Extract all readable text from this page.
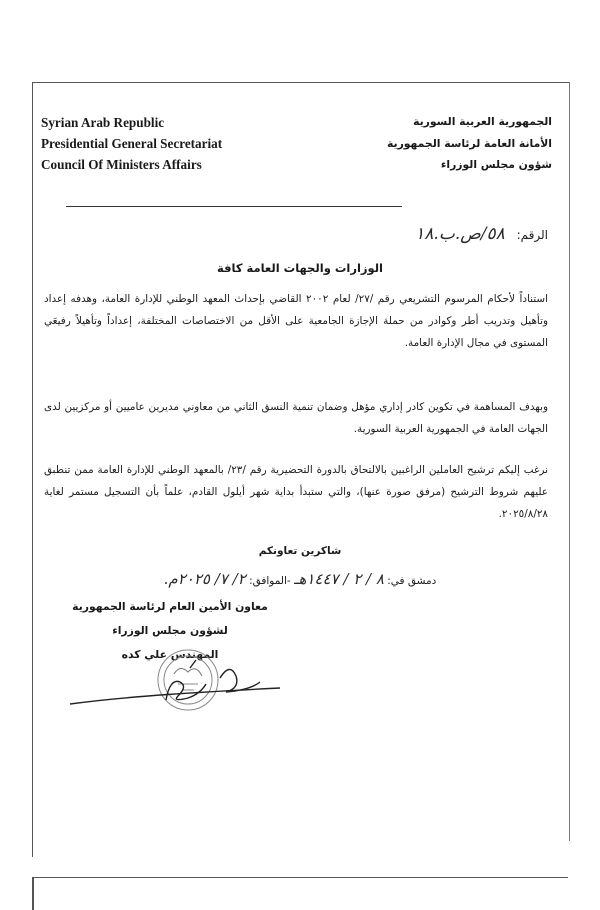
Syrian Arab Republic
Presidential General Secretariat
Council Of Ministers Affairs
الجمهورية العربية السورية
الأمانة العامة لرئاسة الجمهورية
شؤون مجلس الوزراء
الرقم: ٥٨/ص.ب.١٨
الوزارات والجهات العامة كافة
استناداً لأحكام المرسوم التشريعي رقم /٢٧/ لعام ٢٠٠٢ القاضي بإحداث المعهد الوطني للإدارة العامة، وهدفه إعداد وتأهيل وتدريب أطر وكوادر من حملة الإجازة الجامعية على الأقل من الاختصاصات المختلفة، إعداداً وتأهيلاً رفيعَي المستوى في مجال الإدارة العامة.
وبهدف المساهمة في تكوين كادر إداري مؤهل وضمان تنمية النسق الثاني من معاوني مديرين عاميين أو مركزيين لدى الجهات العامة في الجمهورية العربية السورية.
نرغب إليكم ترشيح العاملين الراغبين بالالتحاق بالدورة التحضيرية رقم /٢٣/ بالمعهد الوطني للإدارة العامة ممن تنطبق عليهم شروط الترشيح (مرفق صورة عنها)، والتي ستبدأ بداية شهر أيلول القادم، علماً بأن التسجيل مستمر لغاية ٢٠٢٥/٨/٢٨.
شاكرين تعاونكم
دمشق في: ٨ / ٢ / ١٤٤٧هـ -الموافق: ٢/ ٧/ ٢٠٢٥م.
معاون الأمين العام لرئاسة الجمهورية
لشؤون مجلس الوزراء
المهندس علي كده
